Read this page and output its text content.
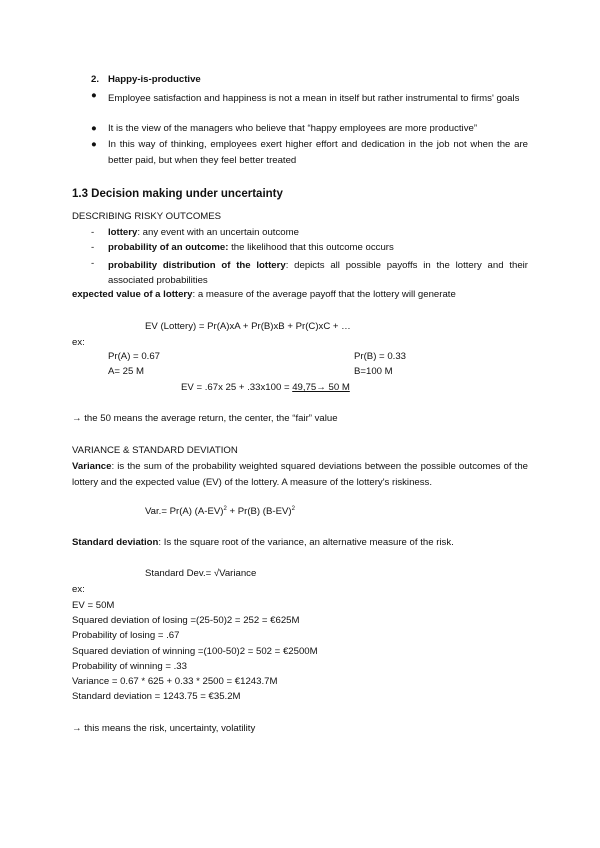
2. Happy-is-productive
● Employee satisfaction and happiness is not a mean in itself but rather instrumental to firms' goals
● It is the view of the managers who believe that “happy employees are more productive”
● In this way of thinking, employees exert higher effort and dedication in the job not when the are better paid, but when they feel better treated
1.3 Decision making under uncertainty
DESCRIBING RISKY OUTCOMES
- lottery: any event with an uncertain outcome
- probability of an outcome: the likelihood that this outcome occurs
- probability distribution of the lottery: depicts all possible payoffs in the lottery and their associated probabilities
expected value of a lottery: a measure of the average payoff that the lottery will generate
EV (Lottery) = Pr(A)xA + Pr(B)xB + Pr(C)xC + …
ex:
Pr(A) = 0.67	Pr(B) = 0.33
A= 25 M	B=100 M
EV = .67x 25 + .33x100 = 49,75→ 50 M
→ the 50 means the average return, the center, the “fair” value
VARIANCE & STANDARD DEVIATION
Variance: is the sum of the probability weighted squared deviations between the possible outcomes of the lottery and the expected value (EV) of the lottery. A measure of the lottery's riskiness.
Var.= Pr(A) $(A-EV)^2 + Pr(B)$ $(B-EV)^2$
Standard deviation: Is the square root of the variance, an alternative measure of the risk.
Standard Dev.= √Variance
ex:
EV = 50M
Squared deviation of losing =(25-50)2 = 252 = €625M
Probability of losing = .67
Squared deviation of winning =(100-50)2 = 502 = €2500M
Probability of winning = .33
Variance = 0.67 * 625 + 0.33 * 2500 = €1243.7M
Standard deviation = 1243.75 = €35.2M
→ this means the risk, uncertainty, volatility
